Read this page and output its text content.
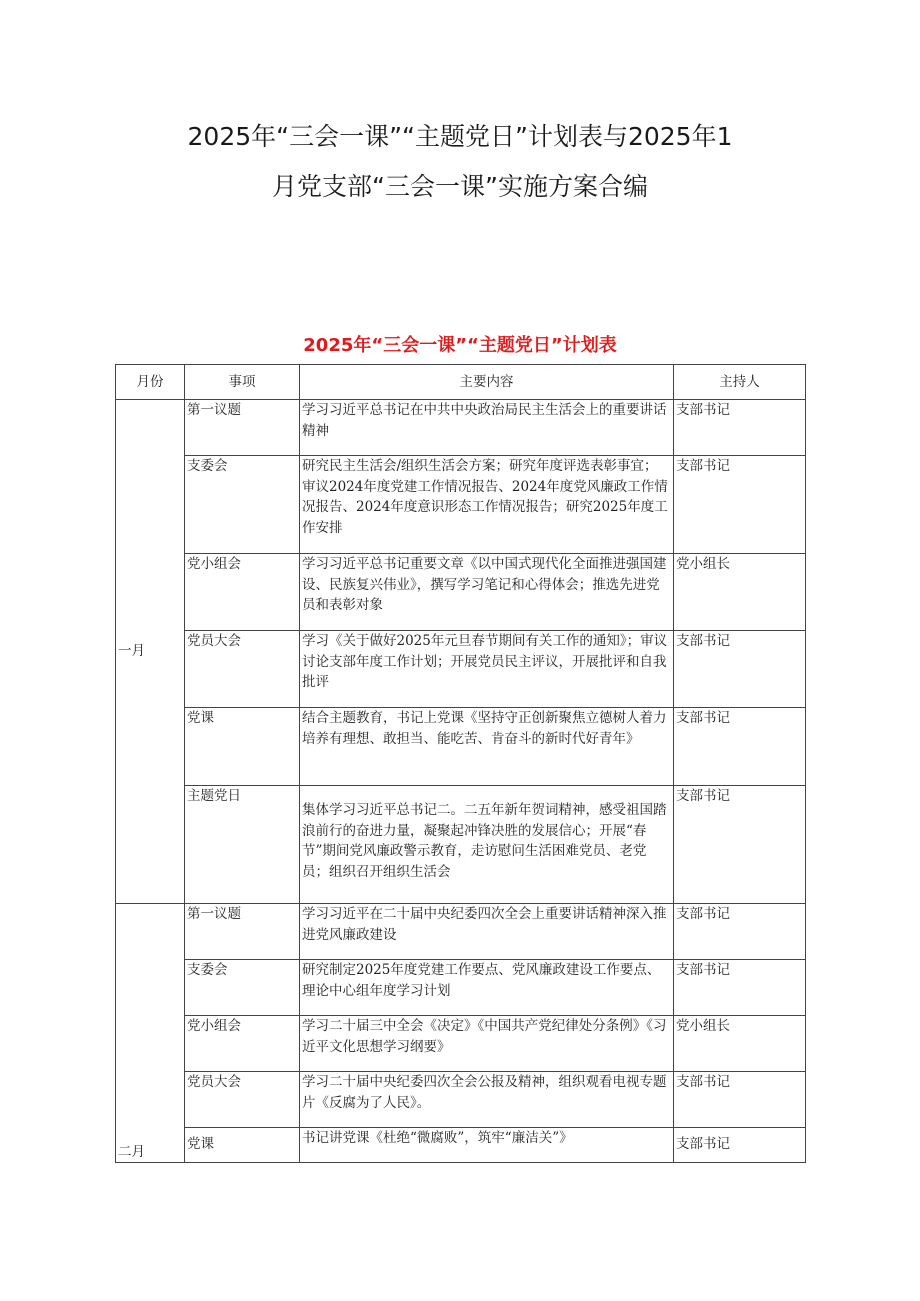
2025年“三会一课”“主题党日”计划表与2025年1
月党支部“三会一课”实施方案合编
2025年“三会一课”“主题党日”计划表
月份	事项	主要内容	主持人
一月	第一议题	学习习近平总书记在中共中央政治局民主生活会上的重要讲话精神	支部书记
	支委会	研究民主生活会/组织生活会方案；研究年度评选表彰事宜；审议2024年度党建工作情况报告、2024年度党风廉政工作情况报告、2024年度意识形态工作情况报告；研究2025年度工作安排	支部书记
	党小组会	学习习近平总书记重要文章《以中国式现代化全面推进强国建设、民族复兴伟业》，撰写学习笔记和心得体会；推选先进党员和表彰对象	党小组长
	党员大会	学习《关于做好2025年元旦春节期间有关工作的通知》；审议讨论支部年度工作计划；开展党员民主评议，开展批评和自我批评	支部书记
	党课	结合主题教育，书记上党课《坚持守正创新聚焦立德树人着力培养有理想、敢担当、能吃苦、肯奋斗的新时代好青年》	支部书记
	主题党日	集体学习习近平总书记二。二五年新年贺词精神，感受祖国踏浪前行的奋进力量，凝聚起冲锋决胜的发展信心；开展“春节”期间党风廉政警示教育，走访慰问生活困难党员、老党员；组织召开组织生活会	支部书记
二月	第一议题	学习习近平在二十届中央纪委四次全会上重要讲话精神深入推进党风廉政建设	支部书记
	支委会	研究制定2025年度党建工作要点、党风廉政建设工作要点、理论中心组年度学习计划	支部书记
	党小组会	学习二十届三中全会《决定》《中国共产党纪律处分条例》《习近平文化思想学习纲要》	党小组长
	党员大会	学习二十届中央纪委四次全会公报及精神，组织观看电视专题片《反腐为了人民》。	支部书记
	党课	书记讲党课《杜绝“微腐败”，筑牢“廉洁关”》	支部书记
